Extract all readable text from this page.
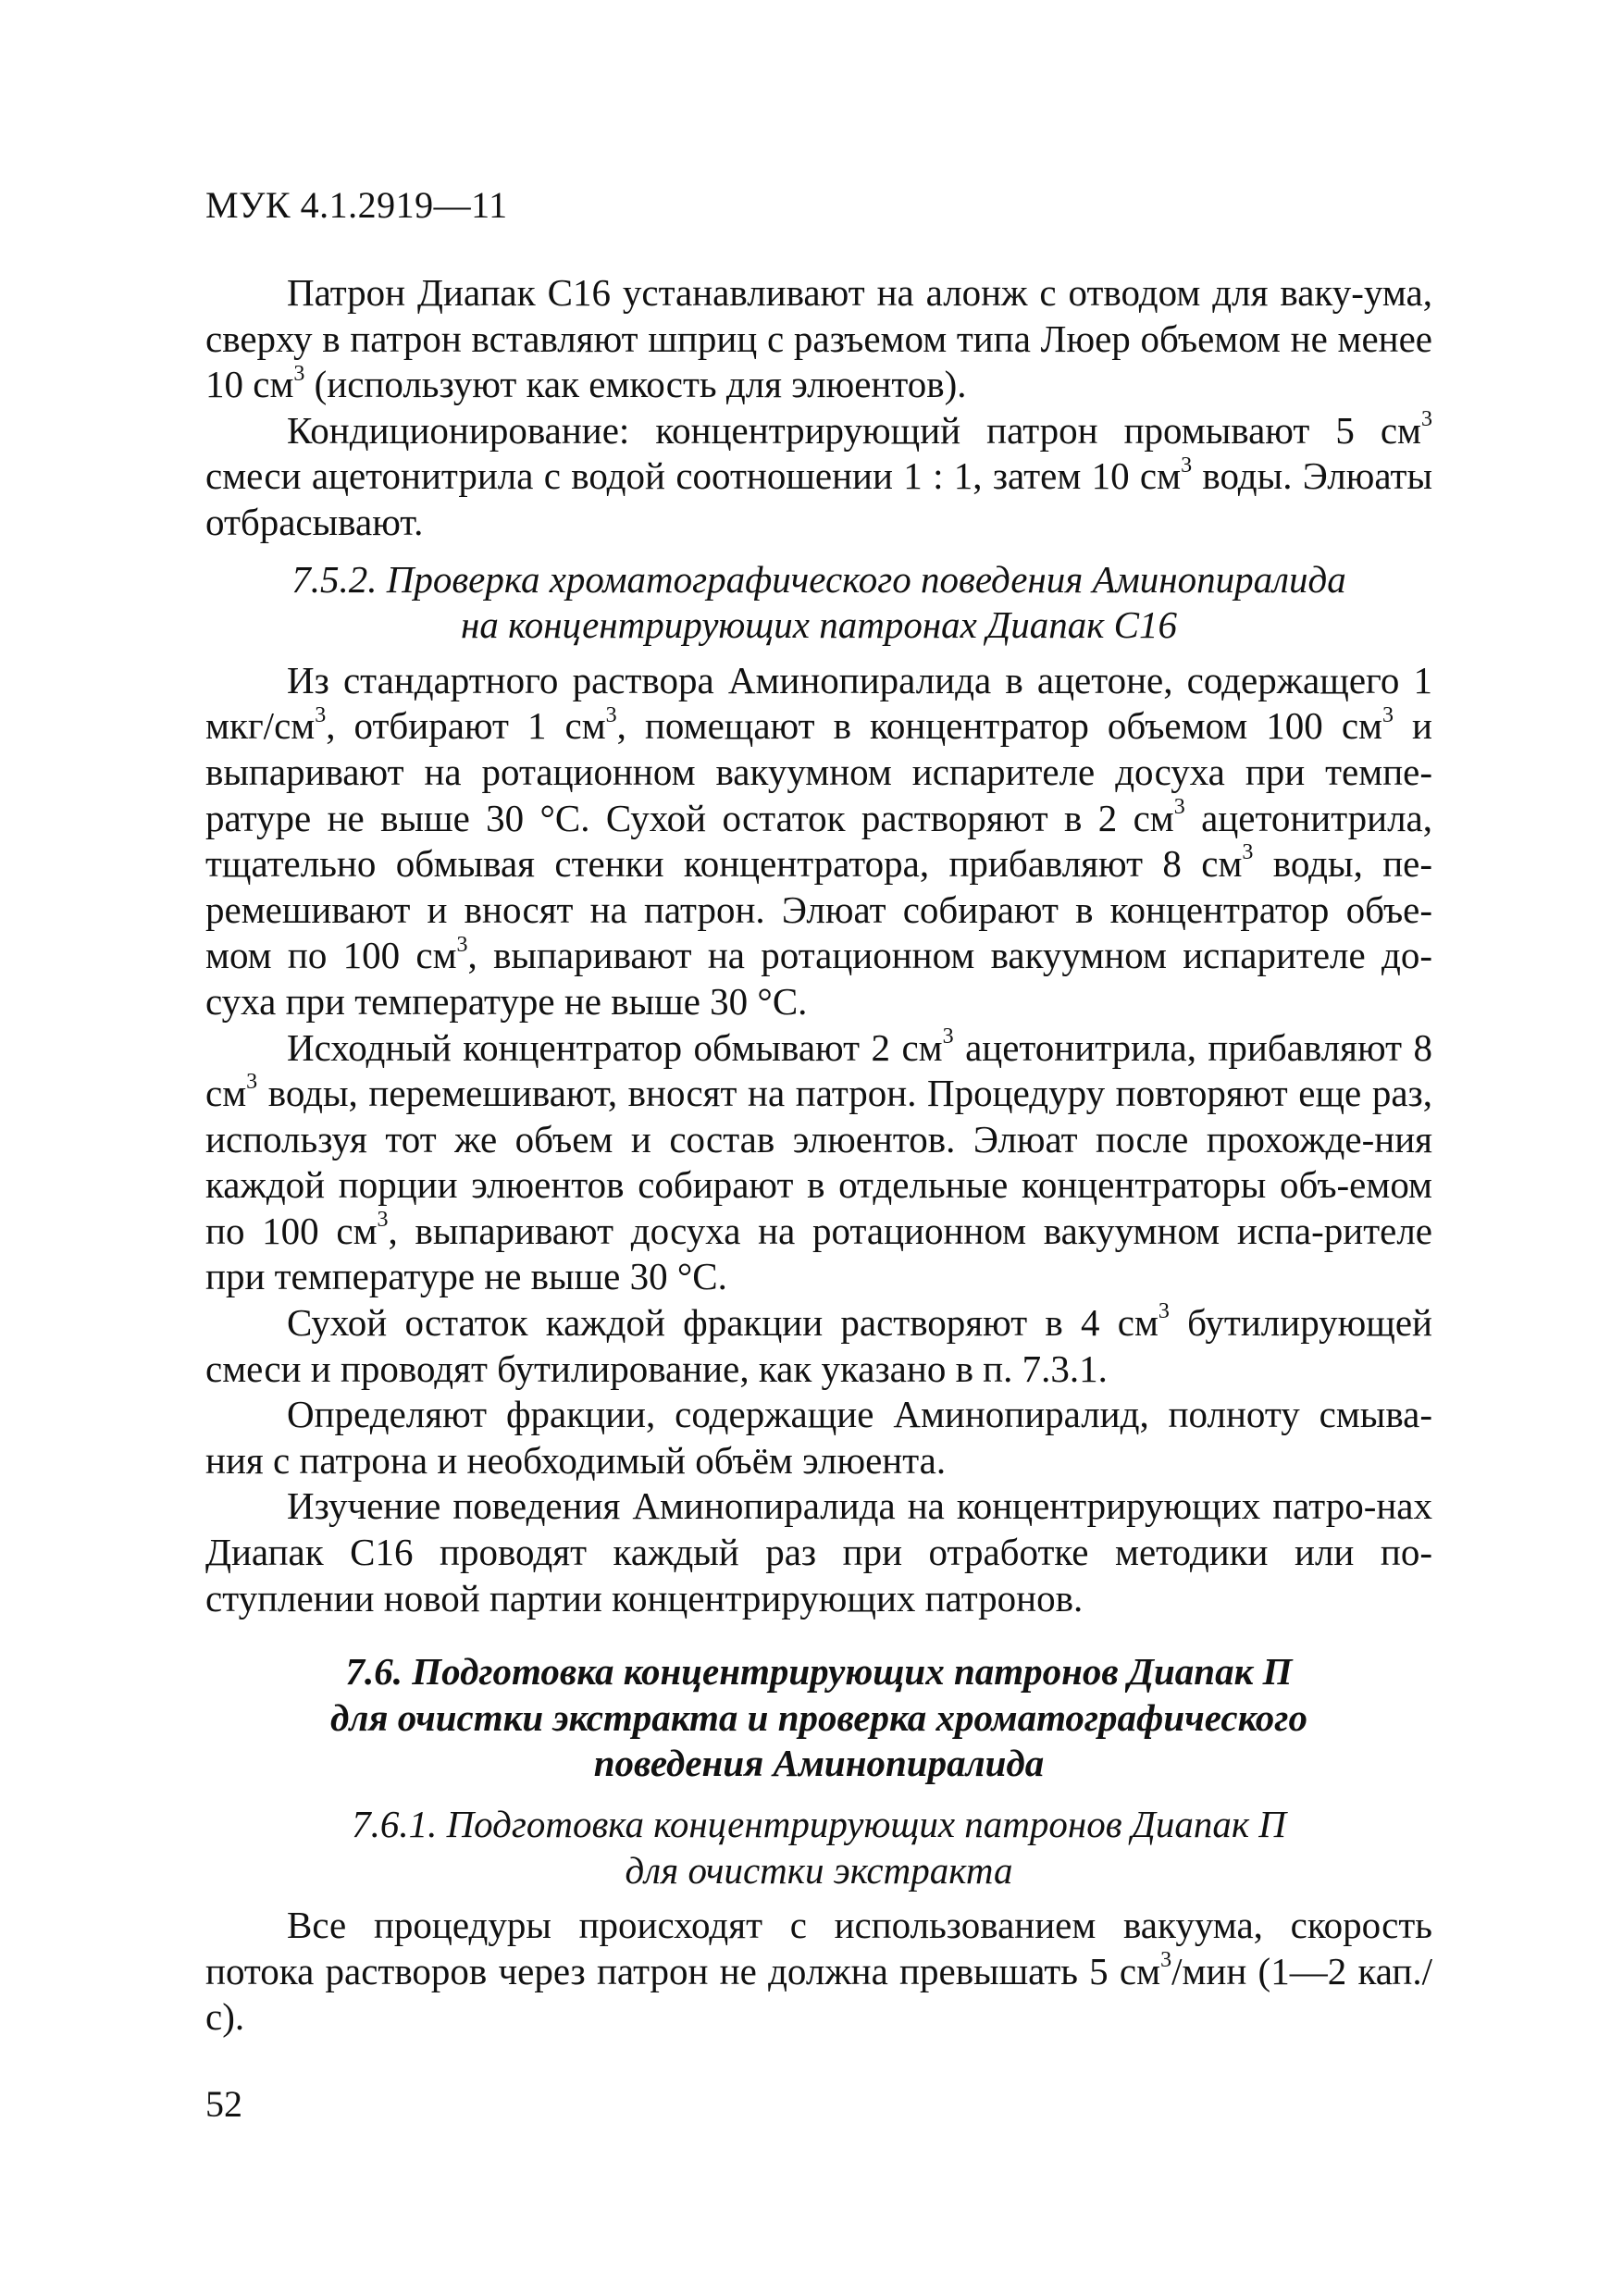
МУК 4.1.2919—11

Патрон Диапак С16 устанавливают на алонж с отводом для ваку-ума, сверху в патрон вставляют шприц с разъемом типа Люер объемом не менее 10 $см^3$ (используют как емкость для элюентов).

Кондиционирование: концентрирующий патрон промывают 5 $см^3$ смеси ацетонитрила с водой соотношении 1 : 1, затем 10 $см^3$ воды. Элюаты отбрасывают.

7.5.2. Проверка хроматографического поведения Аминопиралида
на концентрирующих патронах Диапак С16

Из стандартного раствора Аминопиралида в ацетоне, содержащего 1 мкг/$см^3$, отбирают 1 $см^3$, помещают в концентратор объемом 100 $см^3$ и выпаривают на ротационном вакуумном испарителе досуха при темпе-ратуре не выше 30 °С. Сухой остаток растворяют в 2 $см^3$ ацетонитрила, тщательно обмывая стенки концентратора, прибавляют 8 $см^3$ воды, пе-ремешивают и вносят на патрон. Элюат собирают в концентратор объе-мом по 100 $см^3$, выпаривают на ротационном вакуумном испарителе до-суха при температуре не выше 30 °С.

Исходный концентратор обмывают 2 $см^3$ ацетонитрила, прибавляют 8 $см^3$ воды, перемешивают, вносят на патрон. Процедуру повторяют еще раз, используя тот же объем и состав элюентов. Элюат после прохожде-ния каждой порции элюентов собирают в отдельные концентраторы объ-емом по 100 $см^3$, выпаривают досуха на ротационном вакуумном испа-рителе при температуре не выше 30 °С.

Сухой остаток каждой фракции растворяют в 4 $см^3$ бутилирующей смеси и проводят бутилирование, как указано в п. 7.3.1.

Определяют фракции, содержащие Аминопиралид, полноту смыва-ния с патрона и необходимый объём элюента.

Изучение поведения Аминопиралида на концентрирующих патро-нах Диапак С16 проводят каждый раз при отработке методики или по-ступлении новой партии концентрирующих патронов.

7.6. Подготовка концентрирующих патронов Диапак П
для очистки экстракта и проверка хроматографического
поведения Аминопиралида
7.6.1. Подготовка концентрирующих патронов Диапак П
для очистки экстракта

Все процедуры происходят с использованием вакуума, скорость потока растворов через патрон не должна превышать 5 $см^3$/мин (1—2 кап./с).

52
